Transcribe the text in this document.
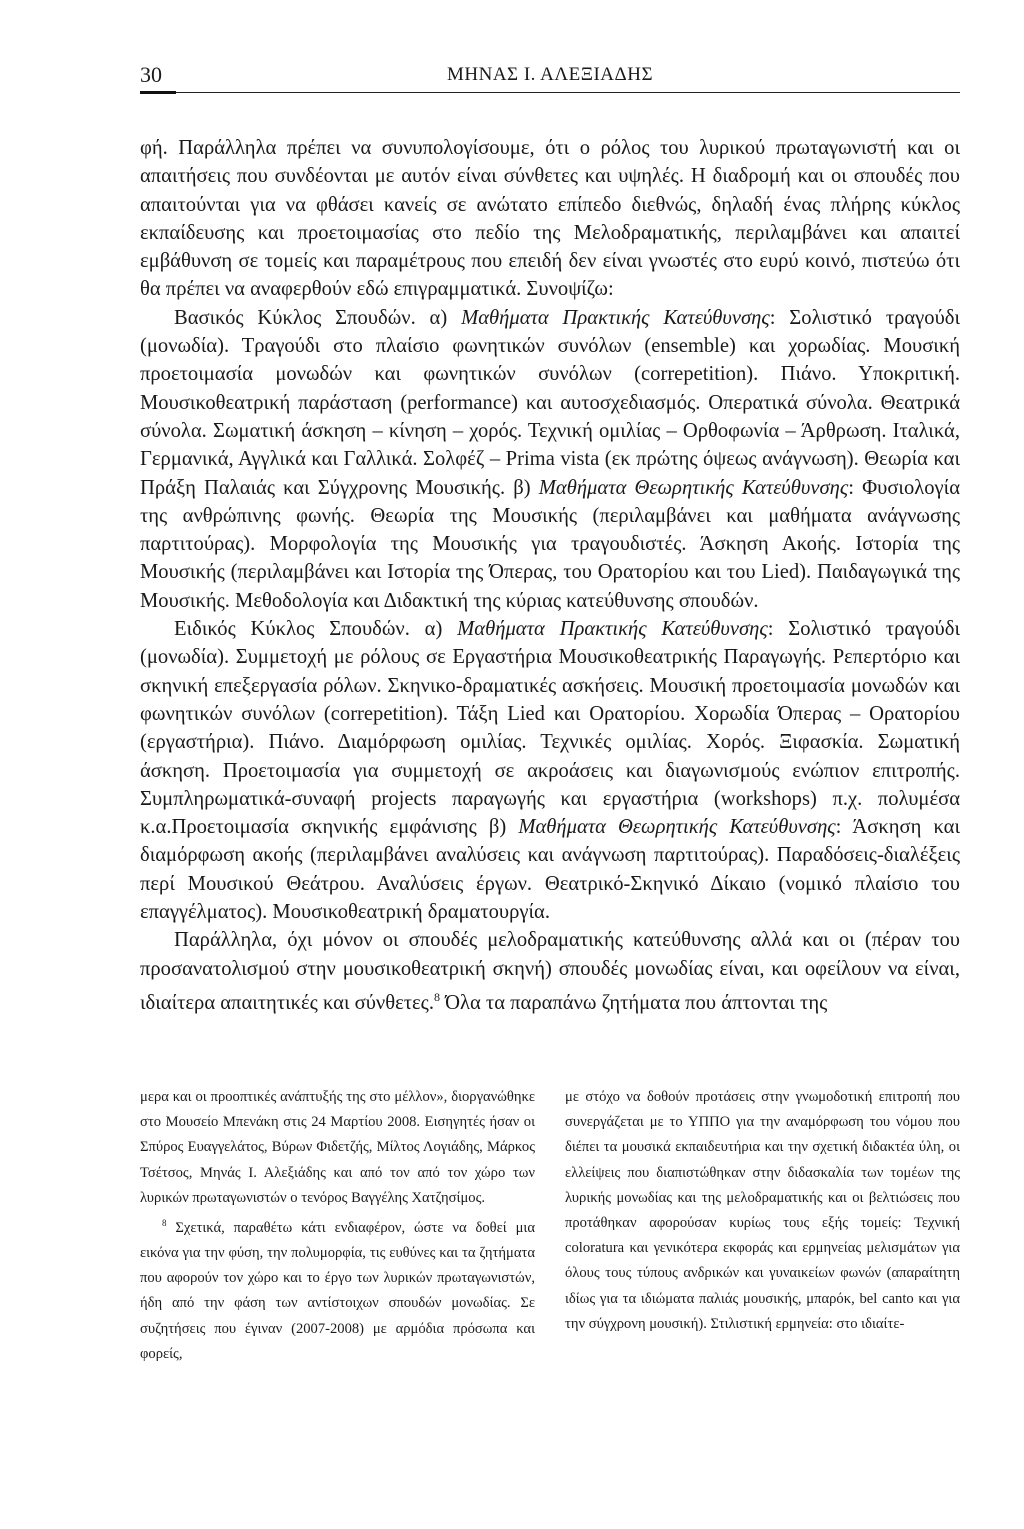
30	ΜΗΝΑΣ Ι. ΑΛΕΞΙΑΔΗΣ

φή. Παράλληλα πρέπει να συνυπολογίσουμε, ότι ο ρόλος του λυρικού πρωταγωνιστή και οι απαιτήσεις που συνδέονται με αυτόν είναι σύνθετες και υψηλές. Η διαδρομή και οι σπουδές που απαιτούνται για να φθάσει κανείς σε ανώτατο επίπεδο διεθνώς, δηλαδή ένας πλήρης κύκλος εκπαίδευσης και προετοιμασίας στο πεδίο της Μελοδραματικής, περιλαμβάνει και απαιτεί εμβάθυνση σε τομείς και παραμέτρους που επειδή δεν είναι γνωστές στο ευρύ κοινό, πιστεύω ότι θα πρέπει να αναφερθούν εδώ επιγραμματικά. Συνοψίζω:

Βασικός Κύκλος Σπουδών. α) Μαθήματα Πρακτικής Κατεύθυνσης: Σολιστικό τραγούδι (μονωδία). Τραγούδι στο πλαίσιο φωνητικών συνόλων (ensemble) και χορωδίας. Μουσική προετοιμασία μονωδών και φωνητικών συνόλων (correpetition). Πιάνο. Υποκριτική. Μουσικοθεατρική παράσταση (performance) και αυτοσχεδιασμός. Οπερατικά σύνολα. Θεατρικά σύνολα. Σωματική άσκηση – κίνηση – χορός. Τεχνική ομιλίας – Ορθοφωνία – Άρθρωση. Ιταλικά, Γερμανικά, Αγγλικά και Γαλλικά. Σολφέζ – Prima vista (εκ πρώτης όψεως ανάγνωση). Θεωρία και Πράξη Παλαιάς και Σύγχρονης Μουσικής. β) Μαθήματα Θεωρητικής Κατεύθυνσης: Φυσιολογία της ανθρώπινης φωνής. Θεωρία της Μουσικής (περιλαμβάνει και μαθήματα ανάγνωσης παρτιτούρας). Μορφολογία της Μουσικής για τραγουδιστές. Άσκηση Ακοής. Ιστορία της Μουσικής (περιλαμβάνει και Ιστορία της Όπερας, του Ορατορίου και του Lied). Παιδαγωγικά της Μουσικής. Μεθοδολογία και Διδακτική της κύριας κατεύθυνσης σπουδών.

Ειδικός Κύκλος Σπουδών. α) Μαθήματα Πρακτικής Κατεύθυνσης: Σολιστικό τραγούδι (μονωδία). Συμμετοχή με ρόλους σε Εργαστήρια Μουσικοθεατρικής Παραγωγής. Ρεπερτόριο και σκηνική επεξεργασία ρόλων. Σκηνικο-δραματικές ασκήσεις. Μουσική προετοιμασία μονωδών και φωνητικών συνόλων (correpetition). Τάξη Lied και Ορατορίου. Χορωδία Όπερας – Ορατορίου (εργαστήρια). Πιάνο. Διαμόρφωση ομιλίας. Τεχνικές ομιλίας. Χορός. Ξιφασκία. Σωματική άσκηση. Προετοιμασία για συμμετοχή σε ακροάσεις και διαγωνισμούς ενώπιον επιτροπής. Συμπληρωματικά-συναφή projects παραγωγής και εργαστήρια (workshops) π.χ. πολυμέσα κ.α.Προετοιμασία σκηνικής εμφάνισης β) Μαθήματα Θεωρητικής Κατεύθυνσης: Άσκηση και διαμόρφωση ακοής (περιλαμβάνει αναλύσεις και ανάγνωση παρτιτούρας). Παραδόσεις-διαλέξεις περί Μουσικού Θεάτρου. Αναλύσεις έργων. Θεατρικό-Σκηνικό Δίκαιο (νομικό πλαίσιο του επαγγέλματος). Μουσικοθεατρική δραματουργία.

Παράλληλα, όχι μόνον οι σπουδές μελοδραματικής κατεύθυνσης αλλά και οι (πέραν του προσανατολισμού στην μουσικοθεατρική σκηνή) σπουδές μονωδίας είναι, και οφείλουν να είναι, ιδιαίτερα απαιτητικές και σύνθετες.$^8$ Όλα τα παραπάνω ζητήματα που άπτονται της

μερα και οι προοπτικές ανάπτυξής της στο μέλλον», διοργανώθηκε στο Μουσείο Μπενάκη στις 24 Μαρτίου 2008. Εισηγητές ήσαν οι Σπύρος Ευαγγελάτος, Βύρων Φιδετζής, Μίλτος Λογιάδης, Μάρκος Τσέτσος, Μηνάς Ι. Αλεξιάδης και από τον από τον χώρο των λυρικών πρωταγωνιστών ο τενόρος Βαγγέλης Χατζησίμος.

$^8$ Σχετικά, παραθέτω κάτι ενδιαφέρον, ώστε να δοθεί μια εικόνα για την φύση, την πολυμορφία, τις ευθύνες και τα ζητήματα που αφορούν τον χώρο και το έργο των λυρικών πρωταγωνιστών, ήδη από την φάση των αντίστοιχων σπουδών μονωδίας. Σε συζητήσεις που έγιναν (2007-2008) με αρμόδια πρόσωπα και φορείς,

με στόχο να δοθούν προτάσεις στην γνωμοδοτική επιτροπή που συνεργάζεται με το ΥΠΠΟ για την αναμόρφωση του νόμου που διέπει τα μουσικά εκπαιδευτήρια και την σχετική διδακτέα ύλη, οι ελλείψεις που διαπιστώθηκαν στην διδασκαλία των τομέων της λυρικής μονωδίας και της μελοδραματικής και οι βελτιώσεις που προτάθηκαν αφορούσαν κυρίως τους εξής τομείς: Τεχνική coloratura και γενικότερα εκφοράς και ερμηνείας μελισμάτων για όλους τους τύπους ανδρικών και γυναικείων φωνών (απαραίτητη ιδίως για τα ιδιώματα παλιάς μουσικής, μπαρόκ, bel canto και για την σύγχρονη μουσική). Στιλιστική ερμηνεία: στο ιδιαίτε-
